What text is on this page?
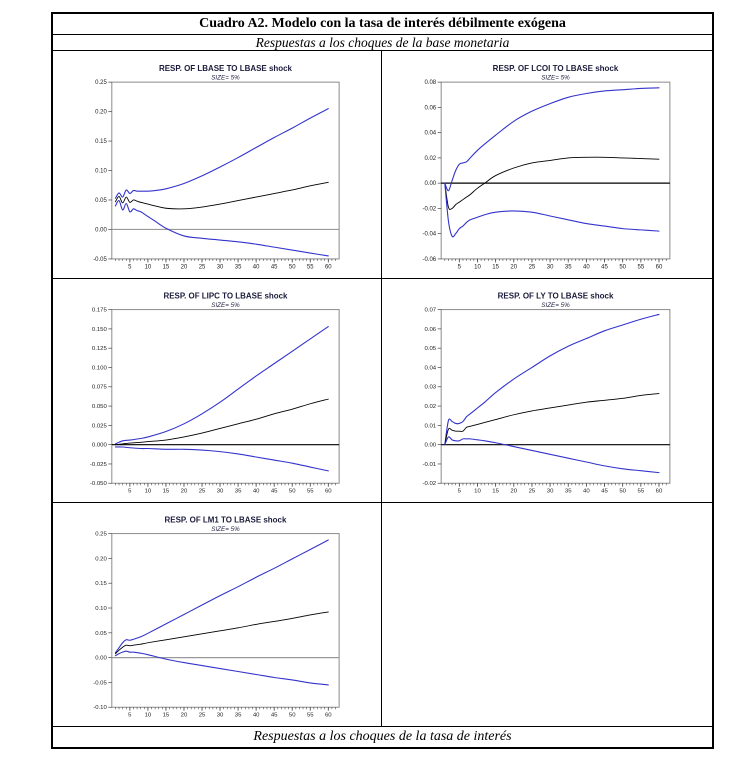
Cuadro A2. Modelo con la tasa de interés débilmente exógena
Respuestas a los choques de la base monetaria
RESP. OF LBASE TO LBASE shock
SIZE= 5%
0.25
0.20
0.15
0.10
0.05
0.00
-0.05
5 10 15 20 25 30 35 40 45 50 55 60
RESP. OF LCOI TO LBASE shock
SIZE= 5%
0.08
0.06
0.04
0.02
0.00
-0.02
-0.04
-0.06
5 10 15 20 25 30 35 40 45 50 55 60
RESP. OF LIPC TO LBASE shock
SIZE= 5%
0.175
0.150
0.125
0.100
0.075
0.050
0.025
0.000
-0.025
-0.050
5 10 15 20 25 30 35 40 45 50 55 60
RESP. OF LY TO LBASE shock
SIZE= 5%
0.07
0.06
0.05
0.04
0.03
0.02
0.01
0.00
-0.01
-0.02
5 10 15 20 25 30 35 40 45 50 55 60
RESP. OF LM1 TO LBASE shock
SIZE= 5%
0.25
0.20
0.15
0.10
0.05
0.00
-0.05
-0.10
5 10 15 20 25 30 35 40 45 50 55 60
Respuestas a los choques de la tasa de interés
